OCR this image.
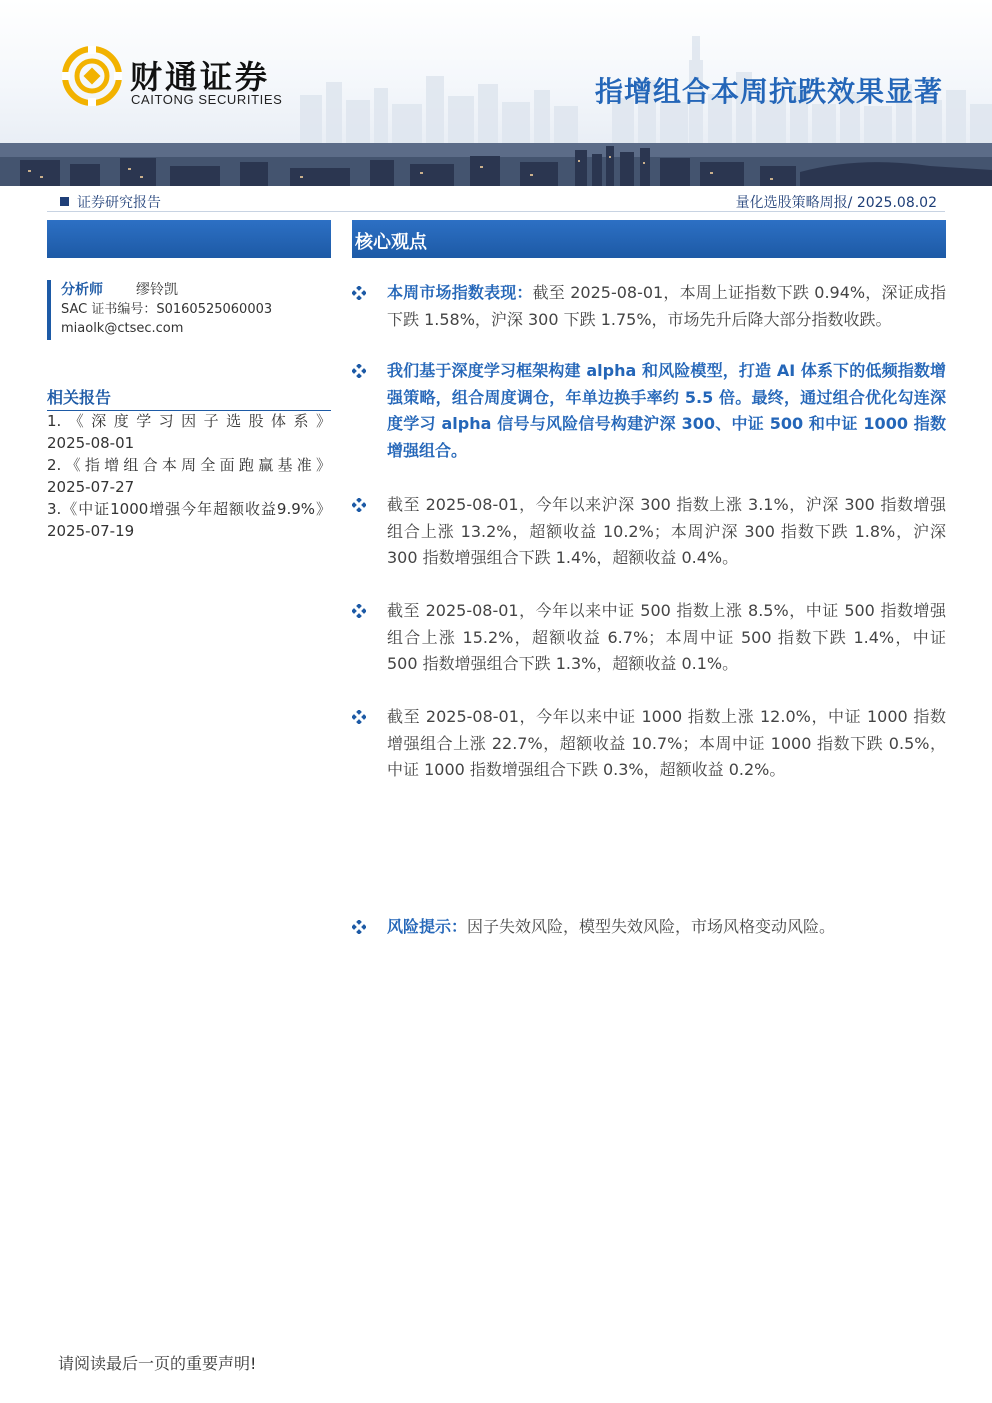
财通证券
CAITONG SECURITIES	指增组合本周抗跌效果显著
证券研究报告	量化选股策略周报/ 2025.08.02
分析师 缪铃凯
SAC 证书编号：S0160525060003
miaolk@ctsec.com
相关报告
1.《深度学习因子选股体系》
2025-08-01
2.《指增组合本周全面跑赢基准》
2025-07-27
3.《中证1000增强今年超额收益9.9%》
2025-07-19
核心观点
本周市场指数表现：截至 2025-08-01，本周上证指数下跌 0.94%，深证成指下跌 1.58%，沪深 300 下跌 1.75%，市场先升后降大部分指数收跌。
我们基于深度学习框架构建 alpha 和风险模型，打造 AI 体系下的低频指数增强策略，组合周度调仓，年单边换手率约 5.5 倍。最终，通过组合优化勾连深度学习 alpha 信号与风险信号构建沪深 300、中证 500 和中证 1000 指数增强组合。
截至 2025-08-01，今年以来沪深 300 指数上涨 3.1%，沪深 300 指数增强组合上涨 13.2%，超额收益 10.2%；本周沪深 300 指数下跌 1.8%，沪深 300 指数增强组合下跌 1.4%，超额收益 0.4%。
截至 2025-08-01，今年以来中证 500 指数上涨 8.5%，中证 500 指数增强组合上涨 15.2%，超额收益 6.7%；本周中证 500 指数下跌 1.4%，中证 500 指数增强组合下跌 1.3%，超额收益 0.1%。
截至 2025-08-01，今年以来中证 1000 指数上涨 12.0%，中证 1000 指数增强组合上涨 22.7%，超额收益 10.7%；本周中证 1000 指数下跌 0.5%，中证 1000 指数增强组合下跌 0.3%，超额收益 0.2%。
风险提示：因子失效风险，模型失效风险，市场风格变动风险。
请阅读最后一页的重要声明!
